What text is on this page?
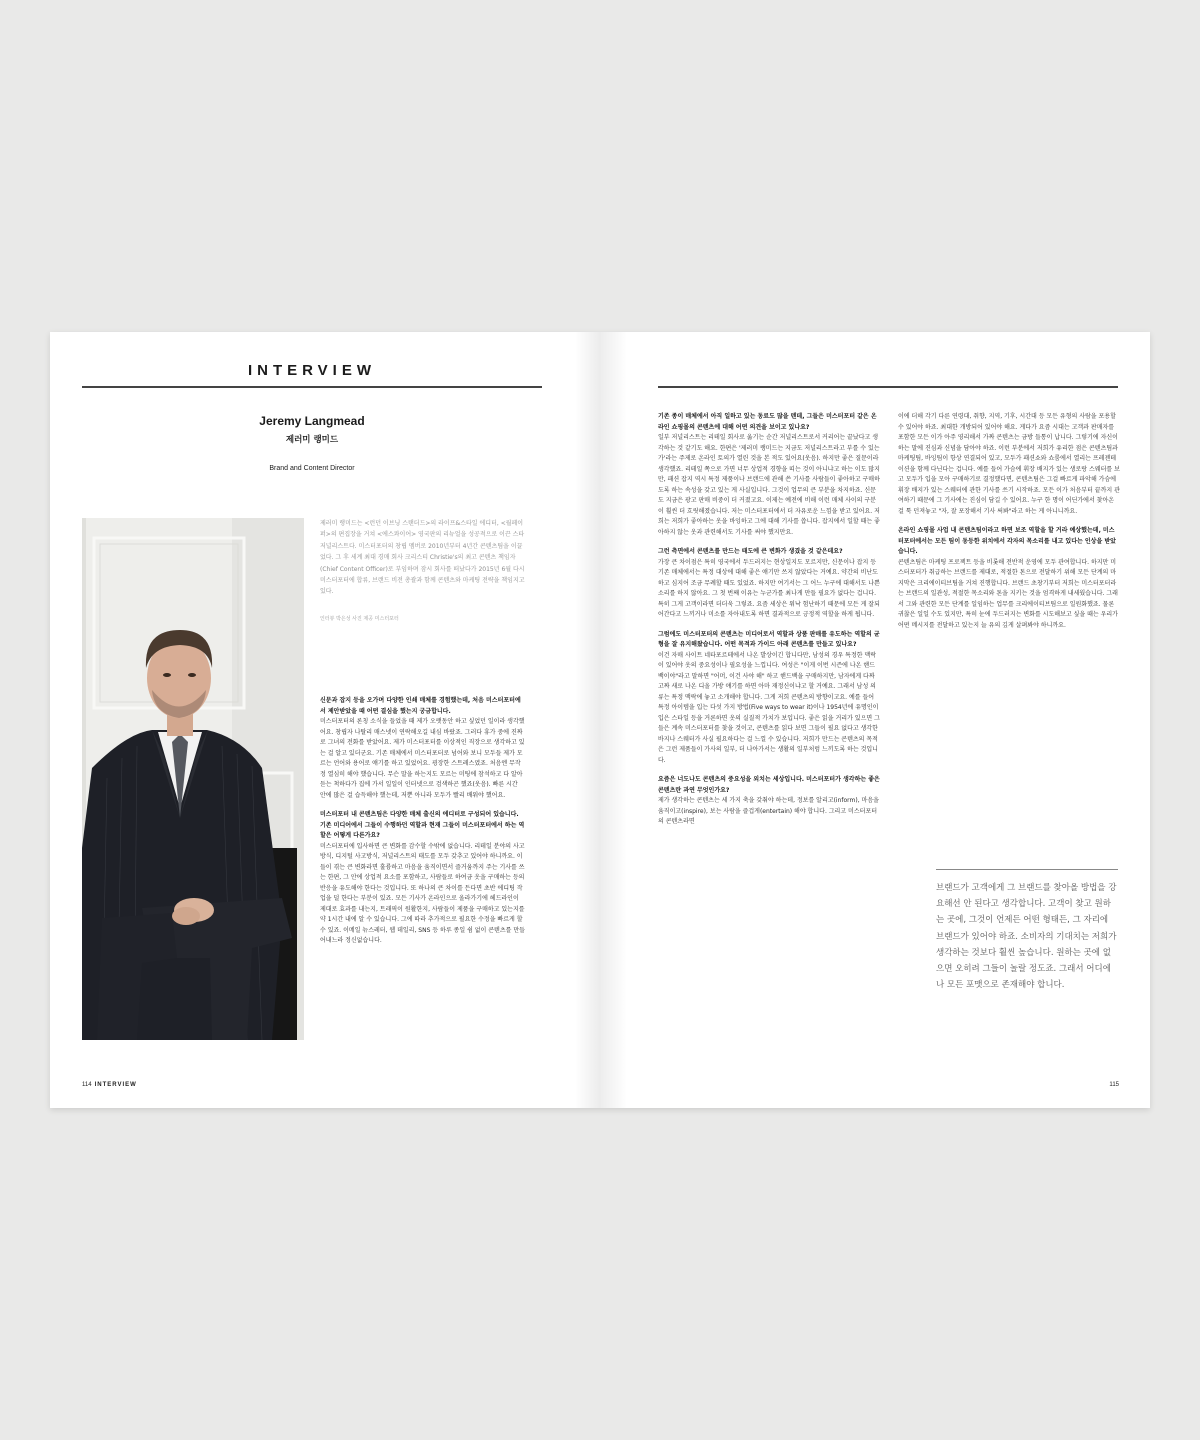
INTERVIEW
Jeremy Langmead
제러미 랭미드
Brand and Content Director
제러미 랭미드는 <런던 이브닝 스탠더드>의 라이프&스타일 에디터, <월페이퍼>의 편집장을 거쳐 <에스콰이어> 영국판의 리뉴얼을 성공적으로 이끈 스타 저널리스트다. 미스터포터의 창립 멤버로 2010년부터 4년간 콘텐츠팀을 이끌었다. 그 후 세계 최대 경매 회사 크리스티 Christie's의 최고 콘텐츠 책임자(Chief Content Officer)로 부임하며 잠시 회사를 떠났다가 2015년 6월 다시 미스터포터에 합류, 브랜드 비전 총괄과 함께 콘텐츠와 마케팅 전략을 책임지고 있다.
인터뷰 박은성 사진 제공 미스터포터
신문과 잡지 등을 오가며 다양한 인쇄 매체를 경험했는데, 처음 미스터포터에서 제안받았을 때 어떤 결심을 했는지 궁금합니다.
미스터포터의 론칭 소식을 들었을 때 제가 오랫동안 하고 싶었던 일이라 생각했어요. 창립자 나탈리 매스넷이 연락해오길 내심 바랐죠. 그러다 휴가 중에 진짜로 그녀의 전화를 받았어요. 제가 미스터포터를 이상적인 직장으로 생각하고 있는 걸 알고 있더군요. 기존 매체에서 미스터포터로 넘어와 보니 모두들 제가 모르는 언어와 용어로 얘기를 하고 있었어요. 굉장한 스트레스였죠. 처음엔 무작정 열심히 해야 했습니다. 무슨 말을 하는지도 모르는 미팅에 참석하고 다 알아듣는 척하다가 집에 가서 일일이 인터넷으로 검색하곤 했죠(웃음). 빠른 시간 안에 많은 걸 습득해야 했는데, 저뿐 아니라 모두가 빨리 배워야 했어요.
미스터포터 내 콘텐츠팀은 다양한 매체 출신의 에디터로 구성되어 있습니다. 기존 미디어에서 그들이 수행하던 역할과 현재 그들이 미스터포터에서 하는 역할은 어떻게 다른가요?
미스터포터에 입사하면 큰 변화를 감수할 수밖에 없습니다. 리테일 분야의 사고방식, 디지털 사고방식, 저널리스트의 태도를 모두 갖추고 있어야 하니까요. 이들이 겪는 큰 변화라면 훌륭하고 마음을 움직이면서 즐거움까지 주는 기사를 쓰는 한편, 그 안에 상업적 요소를 포함하고, 사람들로 하여금 옷을 구매하는 등의 반응을 유도해야 한다는 것입니다. 또 하나의 큰 차이를 든다면 초반 에디팅 작업을 덜 한다는 부분이 있죠. 모든 기사가 온라인으로 올라가기에 헤드라인이 제대로 효과를 내는지, 트래픽이 원활한지, 사람들이 제품을 구매하고 있는지를 약 1시간 내에 알 수 있습니다. 그에 따라 추가적으로 필요한 수정을 빠르게 할 수 있죠. 이메일 뉴스레터, 웹 데일리, SNS 등 하루 종일 쉼 없이 콘텐츠를 만들어내느라 정신없습니다.
114 INTERVIEW
기존 종이 매체에서 아직 일하고 있는 동료도 많을 텐데, 그들은 미스터포터 같은 온라인 쇼핑몰의 콘텐츠에 대해 어떤 의견을 보이고 있나요?
일부 저널리스트는 리테일 회사로 옮기는 순간 저널리스트로서 커리어는 끝났다고 생각하는 것 같기도 해요. 한편은 '제러미 랭미드는 지금도 저널리스트라고 부를 수 있는가'라는 주제로 온라인 토의가 열린 것을 본 적도 있어요(웃음). 하지만 좋은 질문이라 생각했죠. 리테일 쪽으로 가면 너무 상업적 경향을 띠는 것이 아니냐고 하는 이도 많지만, 패션 잡지 역시 특정 제품이나 브랜드에 관해 쓴 기사를 사람들이 좋아하고 구매하도록 하는 속성을 갖고 있는 게 사실입니다. 그것이 업무의 큰 부분을 차지하죠. 신문도 지금은 광고 판매 비중이 더 커졌고요. 이제는 예전에 비해 이런 매체 사이의 구분이 훨씬 더 흐릿해졌습니다. 저는 미스터포터에서 더 자유로운 느낌을 받고 있어요. 저희는 저희가 좋아하는 옷을 바잉하고 그에 대해 기사를 씁니다. 잡지에서 일할 때는 좋아하지 않는 옷과 관련해서도 기사를 써야 했지만요.
그런 측면에서 콘텐츠를 만드는 태도에 큰 변화가 생겼을 것 같은데요?
가장 큰 차이점은 특히 영국에서 두드러지는 현상일지도 모르지만, 신문이나 잡지 등 기존 매체에서는 특정 대상에 대해 좋은 얘기만 쓰지 않았다는 거예요. 약간의 비난도 하고 심지어 조금 무례할 때도 있었죠. 하지만 여기서는 그 어느 누구에 대해서도 나쁜 소리를 하지 않아요. 그 첫 번째 이유는 누군가를 최나게 만들 필요가 없다는 겁니다. 특히 그게 고객이라면 더더욱 그렇죠. 요즘 세상은 워낙 험난하기 때문에 모든 게 잘되어간다고 느끼거나 미소를 자아내도록 하면 결과적으로 긍정적 역할을 하게 됩니다.
그럼에도 미스터포터의 콘텐츠는 미디어로서 역할과 상품 판매를 유도하는 역할의 균형을 잘 유지해왔습니다. 어떤 목적과 가이드 아래 콘텐츠를 만들고 있나요?
이건 자매 사이트 네타포르테에서 나온 발상이긴 합니다만, 남성의 경우 특정한 맥락이 있어야 옷의 중요성이나 필요성을 느낍니다. 여성은 "이게 이번 시즌에 나온 핸드백이야"라고 말하면 "어머, 이건 사야 해" 하고 핸드백을 구매하지만, 남자에게 다짜고짜 새로 나온 디올 가방 얘기를 하면 아마 재정신이냐고 할 거예요. 그래서 남성 의류는 특정 맥락에 놓고 소개해야 합니다. 그게 저희 콘텐츠의 방향이고요. 예를 들어 특정 아이템을 입는 다섯 가지 방법(Five ways to wear it)이나 1954년에 유명인이 입은 스타일 등을 거론하면 옷의 실질적 가치가 보입니다. 좋은 읽을 거리가 있으면 그들은 계속 미스터포터를 찾을 것이고, 콘텐츠를 읽다 보면 그들이 필요 없다고 생각한 바지나 스웨터가 사실 필요하다는 걸 느낄 수 있습니다. 저희가 만드는 콘텐츠의 목적은 그런 제품들이 가사의 일부, 더 나아가서는 생활의 일부처럼 느끼도록 하는 것입니다.
요즘은 너도나도 콘텐츠의 중요성을 외치는 세상입니다. 미스터포터가 생각하는 좋은 콘텐츠란 과연 무엇인가요?
제가 생각하는 콘텐츠는 세 가지 축을 갖춰야 하는데, 정보를 알리고(inform), 마음을 움직이고(inspire), 보는 사람을 즐겁게(entertain) 해야 합니다. 그리고 미스터포터의 콘텐츠라면
이에 더해 각기 다른 연령대, 취향, 지역, 기후, 시간대 등 모든 유형의 사람을 포용할 수 있어야 하죠. 최대한 개방되어 있어야 해요. 게다가 요즘 시대는 고객과 판매자를 포함한 모든 이가 아주 영리해서 가짜 콘텐츠는 금방 들통이 납니다. 그렇기에 자신이 하는 말에 진심과 신념을 담아야 하죠. 이런 부분에서 저희가 유리한 점은 콘텐츠팀과 마케팅팀, 바잉팀이 항상 연결되어 있고, 모두가 패션쇼와 쇼룸에서 열리는 프레젠테이션을 함께 다닌다는 겁니다. 예를 들어 가슴에 휘장 배지가 있는 생로랑 스웨터를 보고 모두가 입을 모아 구매하기로 결정했다면, 콘텐츠팀은 그걸 빠르게 파악해 가슴에 휘장 배지가 있는 스웨터에 관한 기사를 쓰기 시작하죠. 모든 이가 처음부터 끝까지 관여하기 때문에 그 기사에는 진심이 담길 수 있어요. 누구 한 명이 어딘가에서 찾아온 걸 툭 던져놓고 "자, 잘 포장해서 기사 써봐"라고 하는 게 아니니까요.
온라인 쇼핑몰 사업 내 콘텐츠팀이라고 하면 보조 역할을 할 거라 예상했는데, 미스터포터에서는 모든 팀이 동등한 위치에서 각자의 목소리를 내고 있다는 인상을 받았습니다.
콘텐츠팀은 마케팅 프로젝트 등을 비롯해 전반적 운영에 모두 관여합니다. 하지만 미스터포터가 취급하는 브랜드를 제대로, 적절한 톤으로 전달하기 위해 모든 단계의 마지막은 크리에이티브팀을 거쳐 진행합니다. 브랜드 초창기부터 저희는 미스터포터라는 브랜드의 일관성, 적절한 목소리와 톤을 지키는 것을 엄격하게 내세웠습니다. 그래서 그와 관련한 모든 단계를 일임하는 업무를 크리에이티브팀으로 일원화했죠. 물론 귀찮은 일일 수도 있지만, 특히 눈에 두드러지는 변화를 시도해보고 싶을 때는 우리가 어떤 메시지를 전달하고 있는지 늘 유의 깊게 살펴봐야 하니까요.
브랜드가 고객에게 그 브랜드를 찾아올 방법을 강요해선 안 된다고 생각합니다. 고객이 찾고 원하는 곳에, 그것이 언제든 어떤 형태든, 그 자리에 브랜드가 있어야 하죠. 소비자의 기대치는 저희가 생각하는 것보다 훨씬 높습니다. 원하는 곳에 없으면 오히려 그들이 놀랄 정도죠. 그래서 어디에나 모든 포맷으로 존재해야 합니다.
115
